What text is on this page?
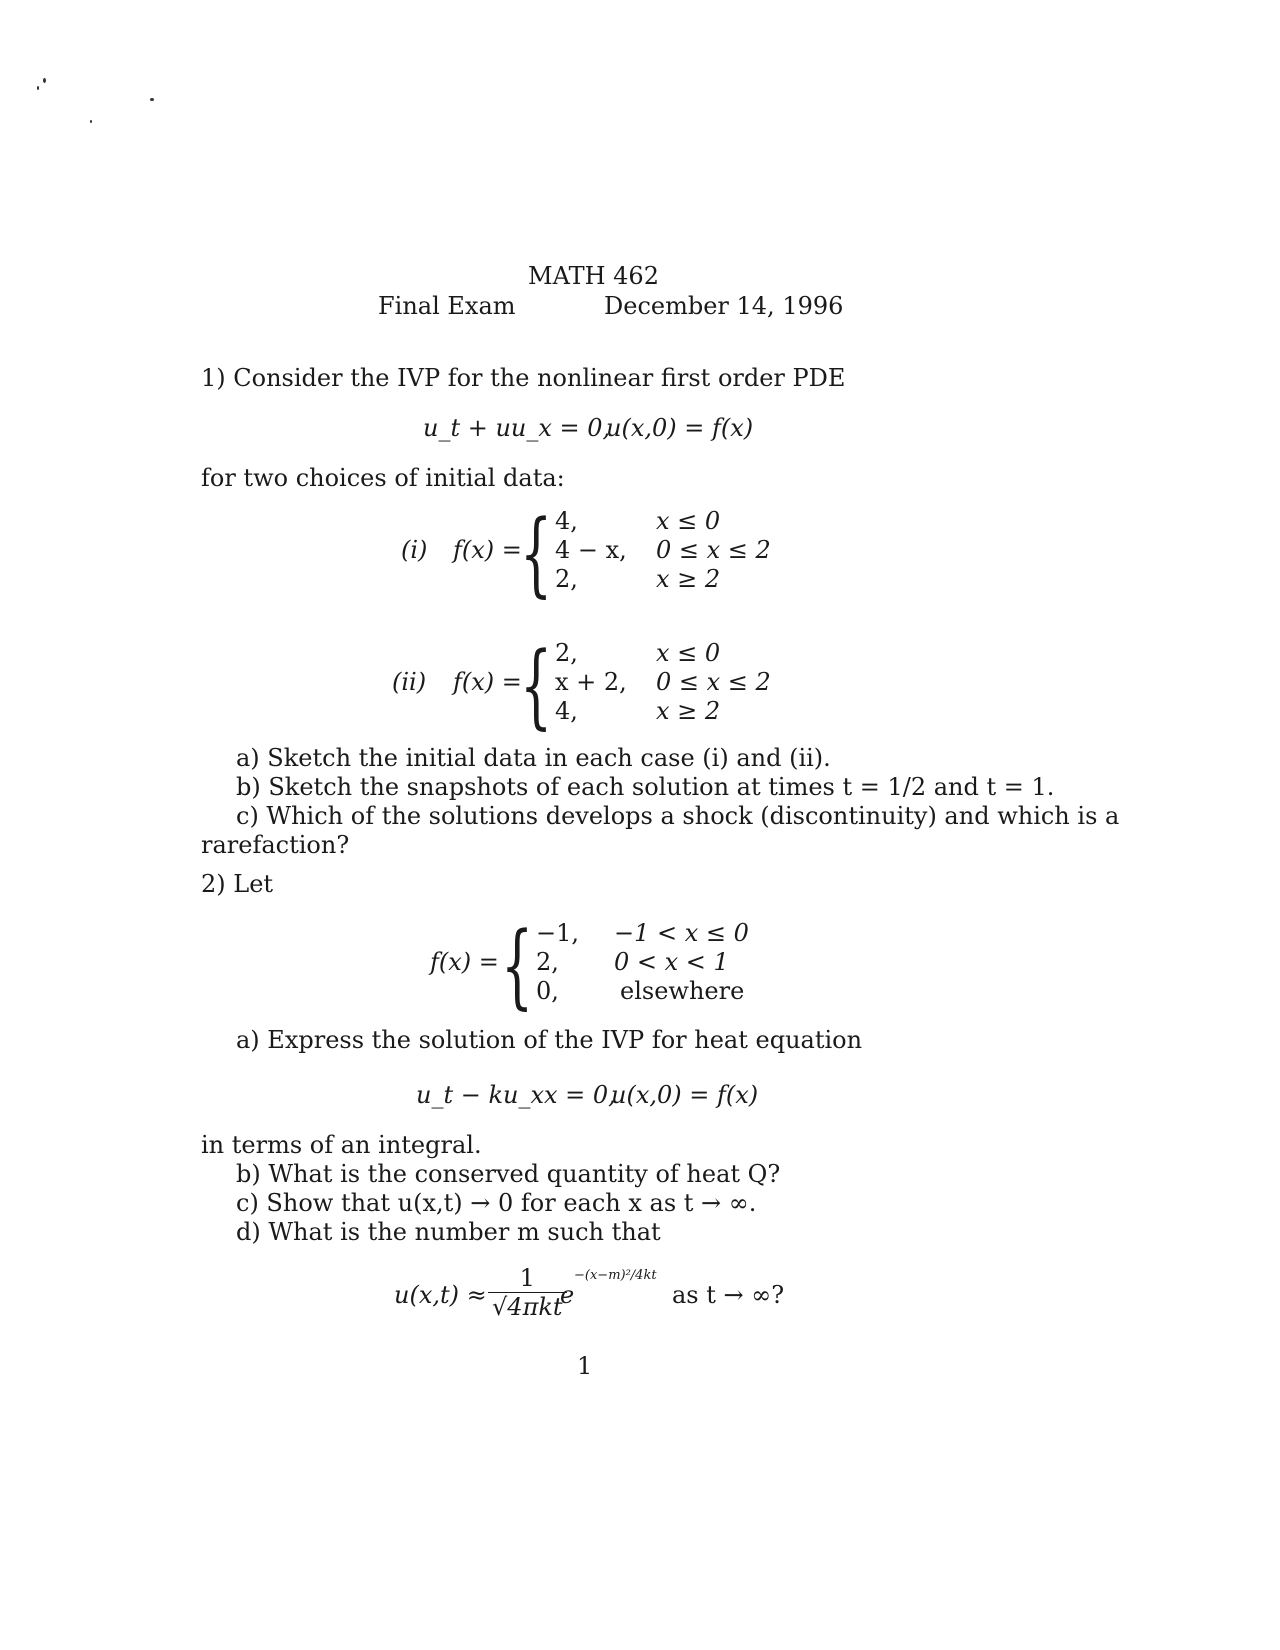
MATH 462
Final Exam	December 14, 1996
1) Consider the IVP for the nonlinear first order PDE
u_t + uu_x = 0,
u(x,0) = f(x)
for two choices of initial data:
(i) f(x) =
{ 4,
4 − x,
2,
x ≤ 0
0 ≤ x ≤ 2
x ≥ 2
(ii) f(x) =
{ 2,
x + 2,
4,
x ≤ 0
0 ≤ x ≤ 2
x ≥ 2
a) Sketch the initial data in each case (i) and (ii).
b) Sketch the snapshots of each solution at times t = 1/2 and t = 1.
c) Which of the solutions develops a shock (discontinuity) and which is a
rarefaction?
2) Let
f(x) = { −1,
2,
0,
−1 < x ≤ 0
0 < x < 1
elsewhere
a) Express the solution of the IVP for heat equation
u_t − ku_xx = 0,
u(x,0) = f(x)
in terms of an integral.
b) What is the conserved quantity of heat Q?
c) Show that u(x,t) → 0 for each x as t → ∞.
d) What is the number m such that
$u(x,t) \approx \frac{1}{\text{√4πkt}}$
e
−(x−m)²/4kt
as t → ∞?
1
